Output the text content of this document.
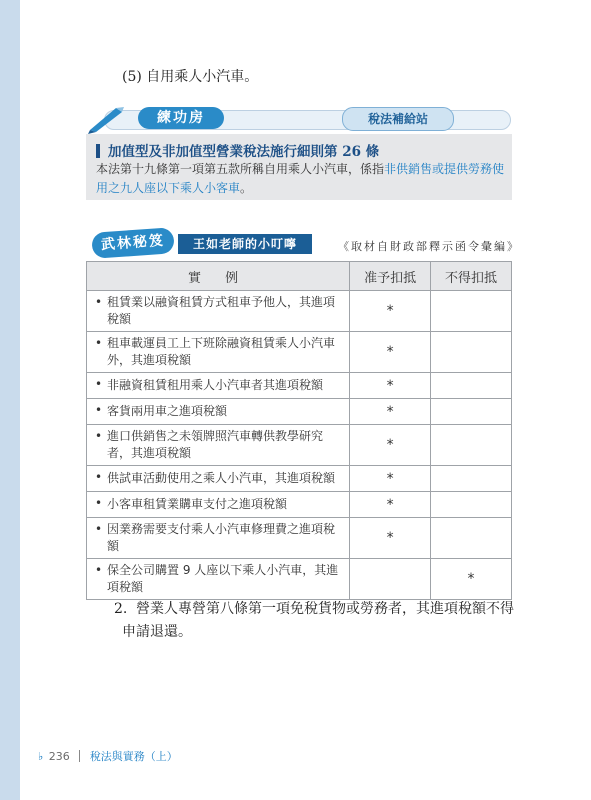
(5) 自用乘人小汽車。
練功房	稅法補給站
加值型及非加值型營業稅法施行細則第 26 條
本法第十九條第一項第五款所稱自用乘人小汽車，係指非供銷售或提供勞務使用之九人座以下乘人小客車。
武林秘笈	王如老師的小叮嚀	《取材自財政部釋示函令彙編》
實 例	准予扣抵	不得扣抵

• 租賃業以融資租賃方式租車予他人，其進項稅額	*	

• 租車載運員工上下班除融資租賃乘人小汽車外，其進項稅額	*	

• 非融資租賃租用乘人小汽車者其進項稅額	*	

• 客貨兩用車之進項稅額	*	

• 進口供銷售之未領牌照汽車轉供教學研究者，其進項稅額	*	

• 供試車活動使用之乘人小汽車，其進項稅額	*	

• 小客車租賃業購車支付之進項稅額	*	

• 因業務需要支付乘人小汽車修理費之進項稅額	*	

• 保全公司購置 9 人座以下乘人小汽車，其進項稅額		*
2. 營業人專營第八條第一項免稅貨物或勞務者，其進項稅額不得申請退還。
♭ 236 稅法與實務（上）
